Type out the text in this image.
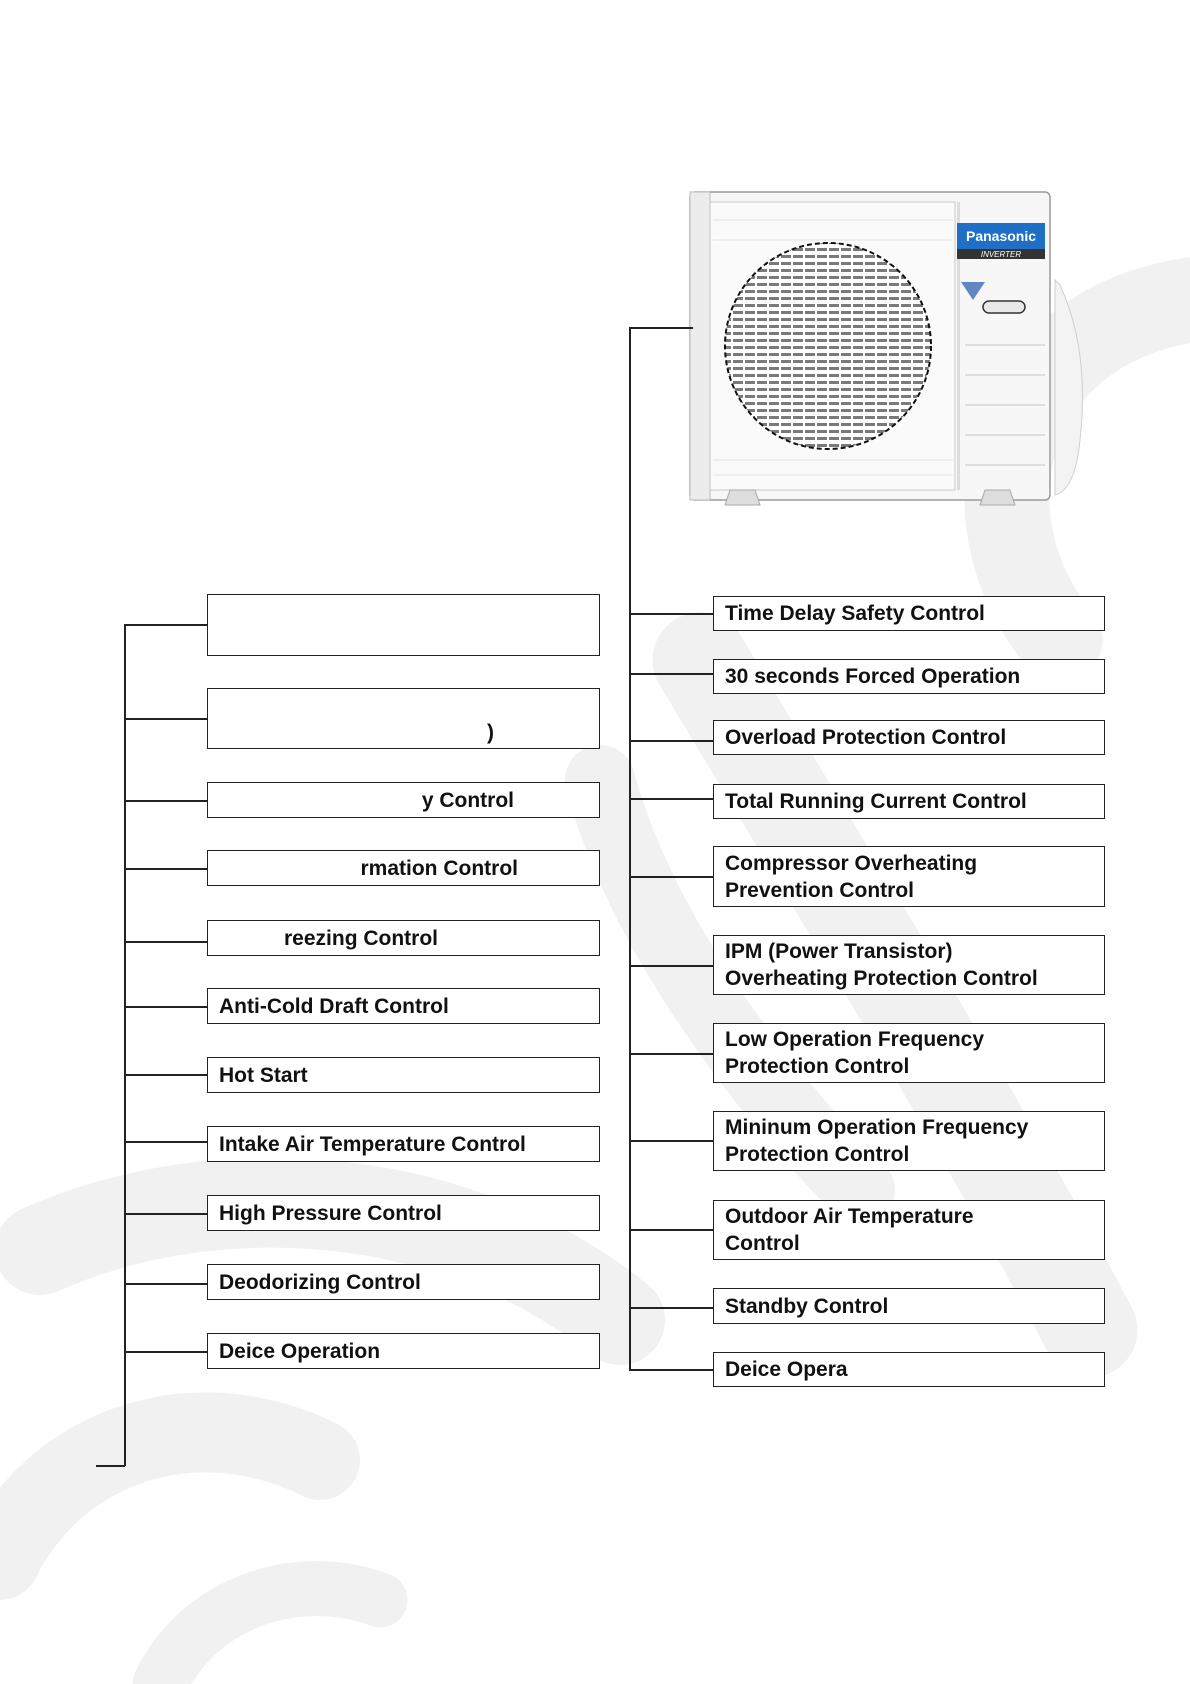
Panasonic
INVERTER
)
y Control
rmation Control
reezing Control
Anti-Cold Draft Control
Hot Start
Intake Air Temperature Control
High Pressure Control
Deodorizing Control
Deice Operation
Time Delay Safety Control
30 seconds Forced Operation
Overload Protection Control
Total Running Current Control
Compressor Overheating
Prevention Control
IPM (Power Transistor)
Overheating Protection Control
Low Operation Frequency
Protection Control
Mininum Operation Frequency
Protection Control
Outdoor Air Temperature
Control
Standby Control
Deice Opera
